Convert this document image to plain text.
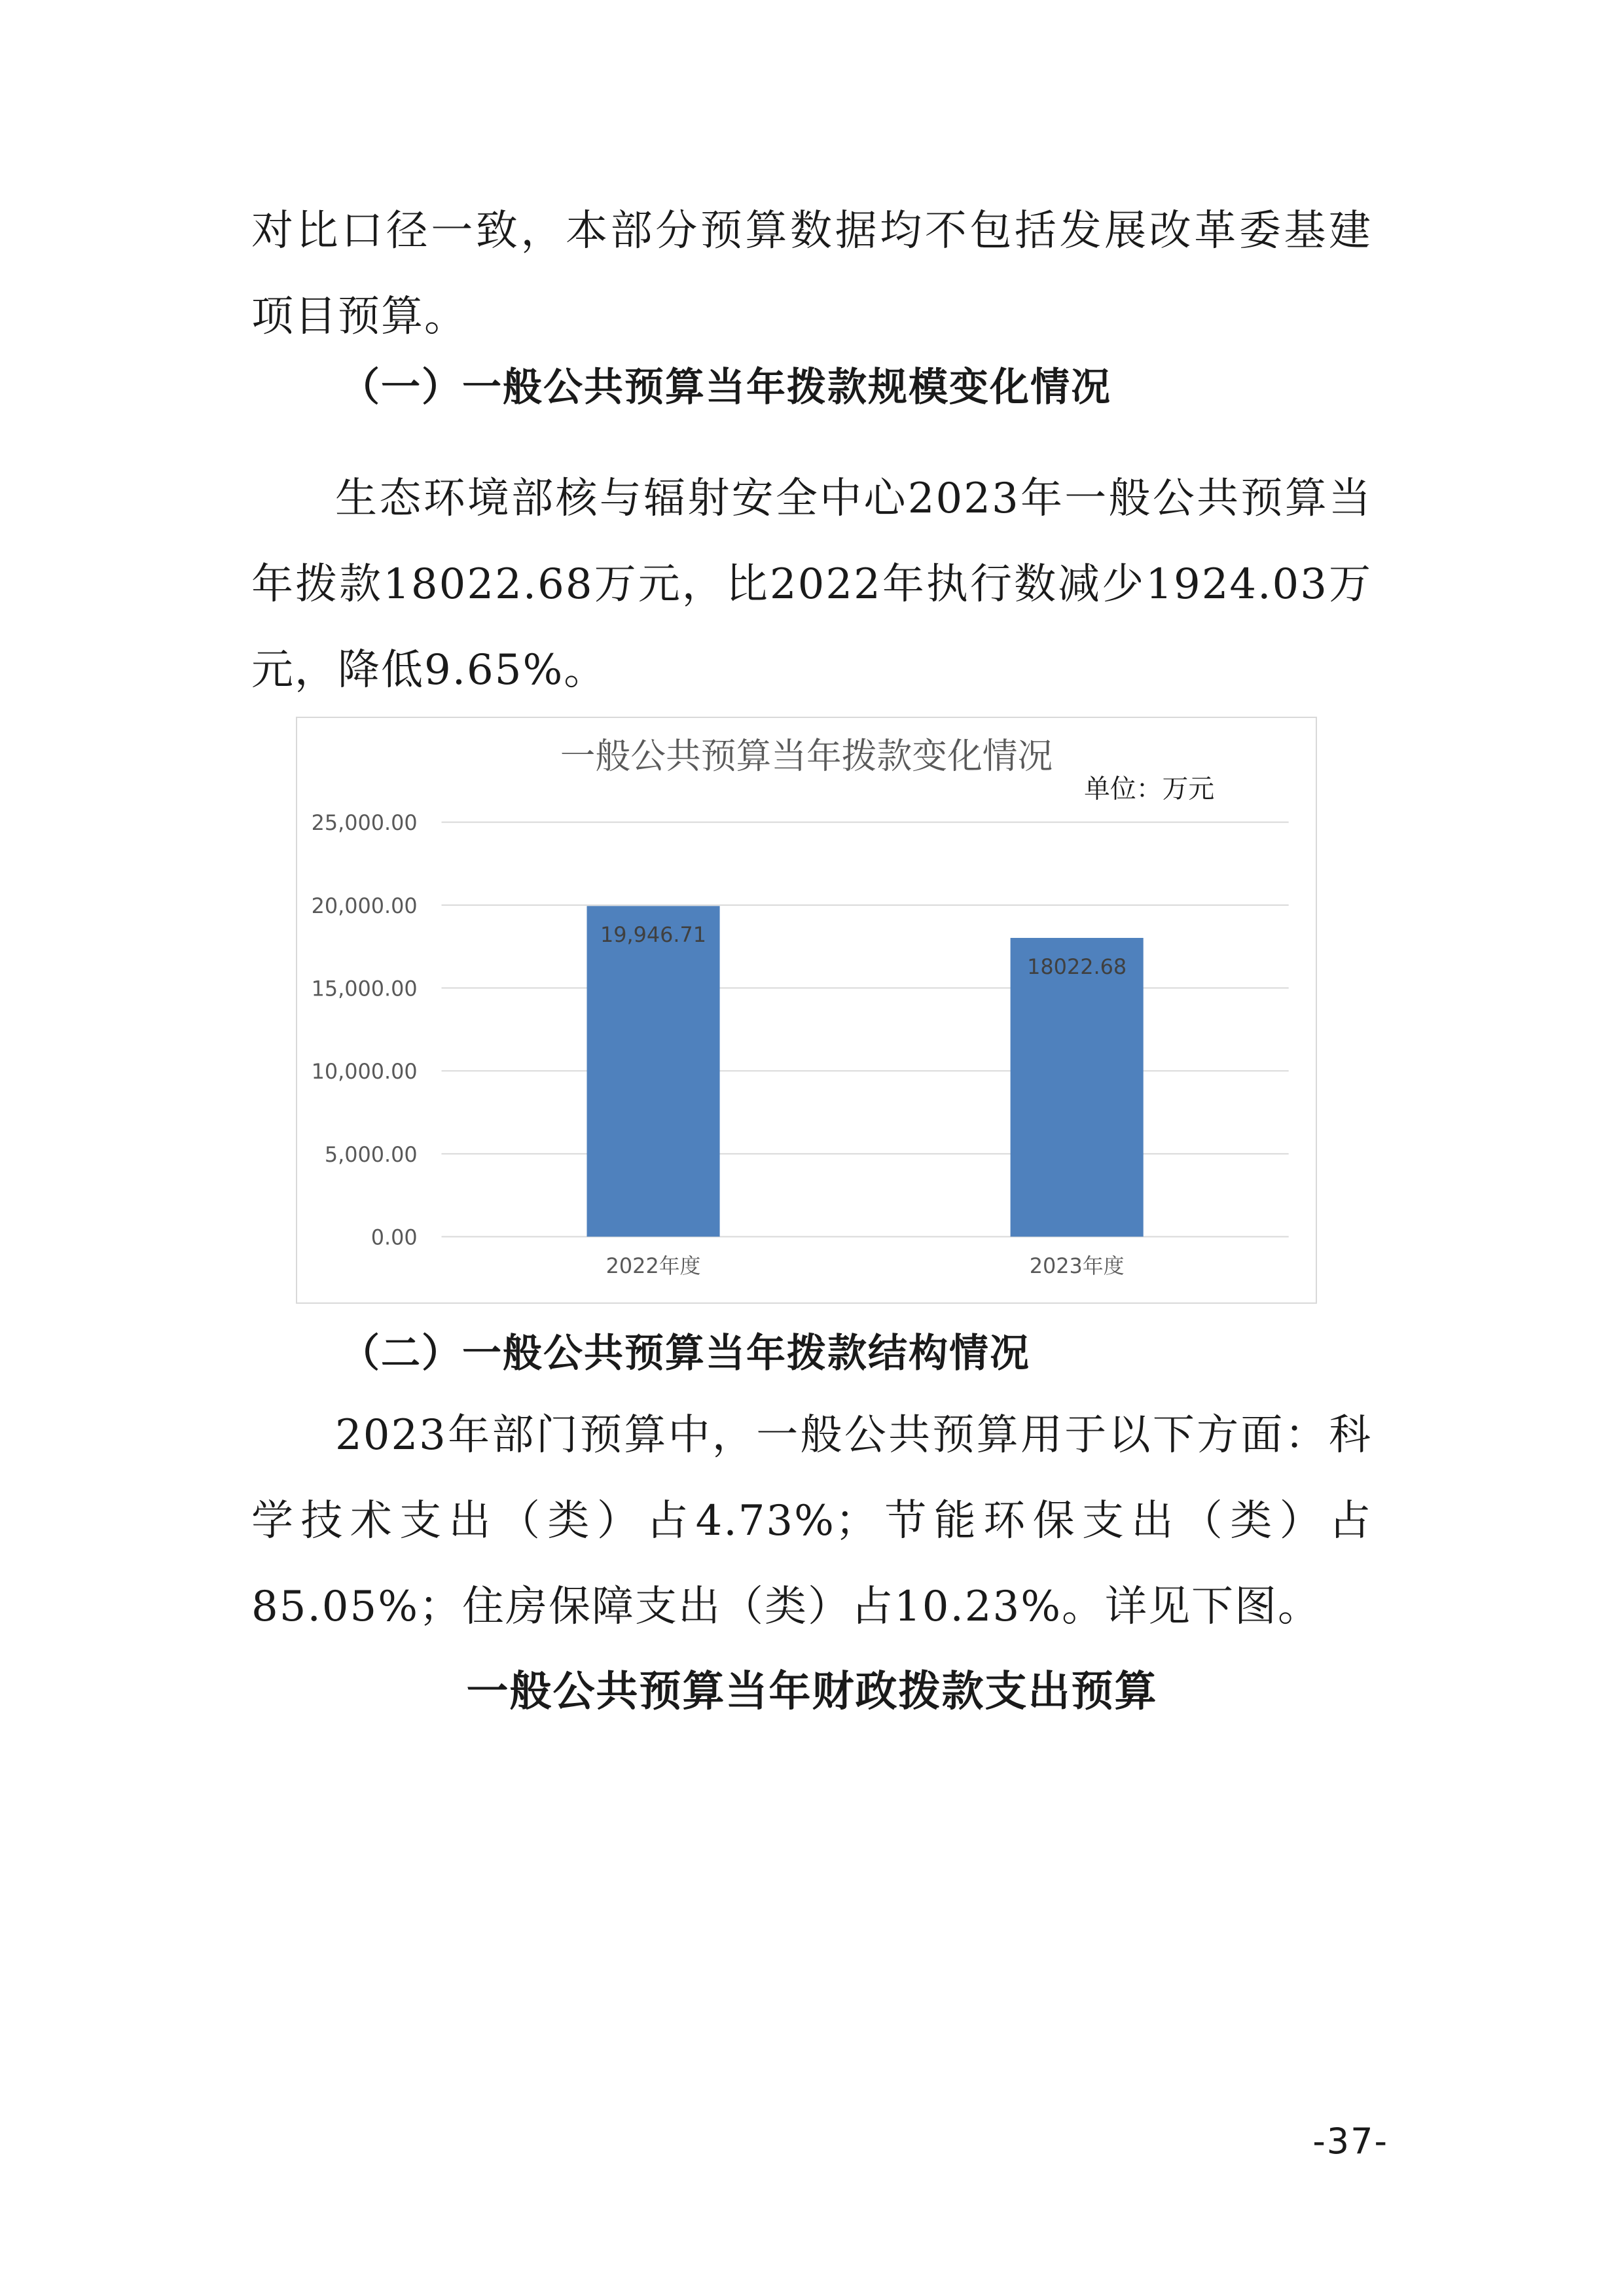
对比口径一致，本部分预算数据均不包括发展改革委基建项目预算。
（一）一般公共预算当年拨款规模变化情况
生态环境部核与辐射安全中心2023年一般公共预算当年拨款18022.68万元，比2022年执行数减少1924.03万元，降低9.65%。
一般公共预算当年拨款变化情况
单位：万元
0.00
5,000.00
10,000.00
15,000.00
20,000.00
25,000.00
19,946.71
18022.68
2022年度	2023年度
（二）一般公共预算当年拨款结构情况
2023年部门预算中，一般公共预算用于以下方面：科学技术支出（类）占4.73%；节能环保支出（类）占85.05%；住房保障支出（类）占10.23%。详见下图。
一般公共预算当年财政拨款支出预算
-37-
